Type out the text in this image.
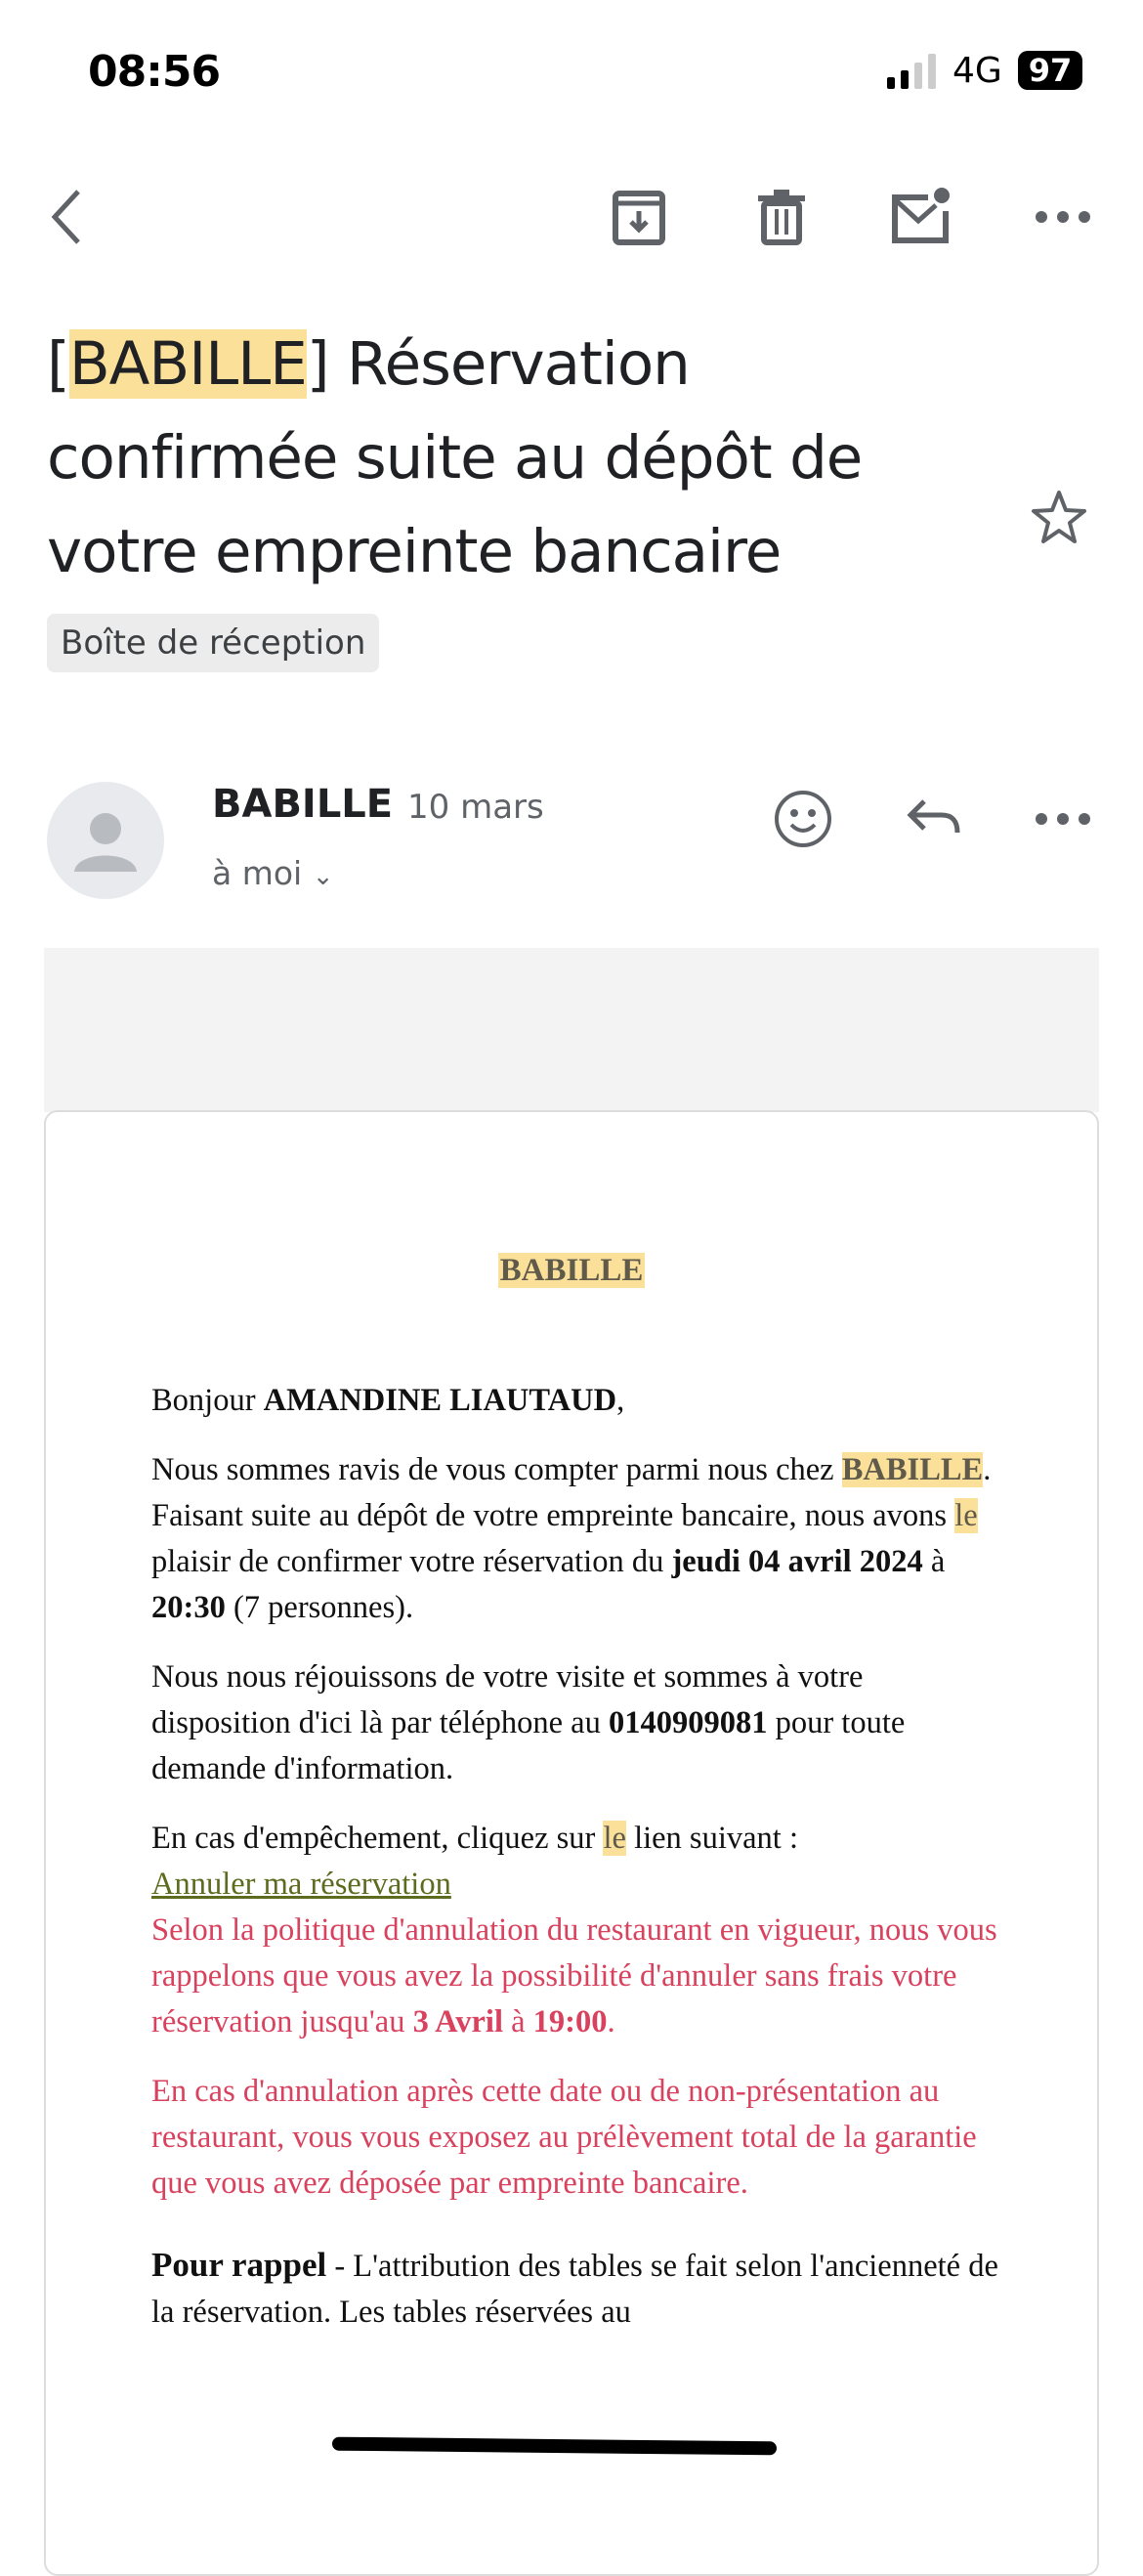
08:56	4G 97
[BABILLE] Réservation
confirmée suite au dépôt de
votre empreinte bancaire
Boîte de réception
BABILLE 10 mars
à moi ⌄
BABILLE

Bonjour AMANDINE LIAUTAUD,

Nous sommes ravis de vous compter parmi nous chez BABILLE. Faisant suite au dépôt de votre empreinte bancaire, nous avons le plaisir de confirmer votre réservation du jeudi 04 avril 2024 à 20:30 (7 personnes).

Nous nous réjouissons de votre visite et sommes à votre disposition d'ici là par téléphone au 0140909081 pour toute demande d'information.

En cas d'empêchement, cliquez sur le lien suivant :
Annuler ma réservation
Selon la politique d'annulation du restaurant en vigueur, nous vous rappelons que vous avez la possibilité d'annuler sans frais votre réservation jusqu'au 3 Avril à 19:00.

En cas d'annulation après cette date ou de non-présentation au restaurant, vous vous exposez au prélèvement total de la garantie que vous avez déposée par empreinte bancaire.

Pour rappel - L'attribution des tables se fait selon l'ancienneté de la réservation. Les tables réservées au
